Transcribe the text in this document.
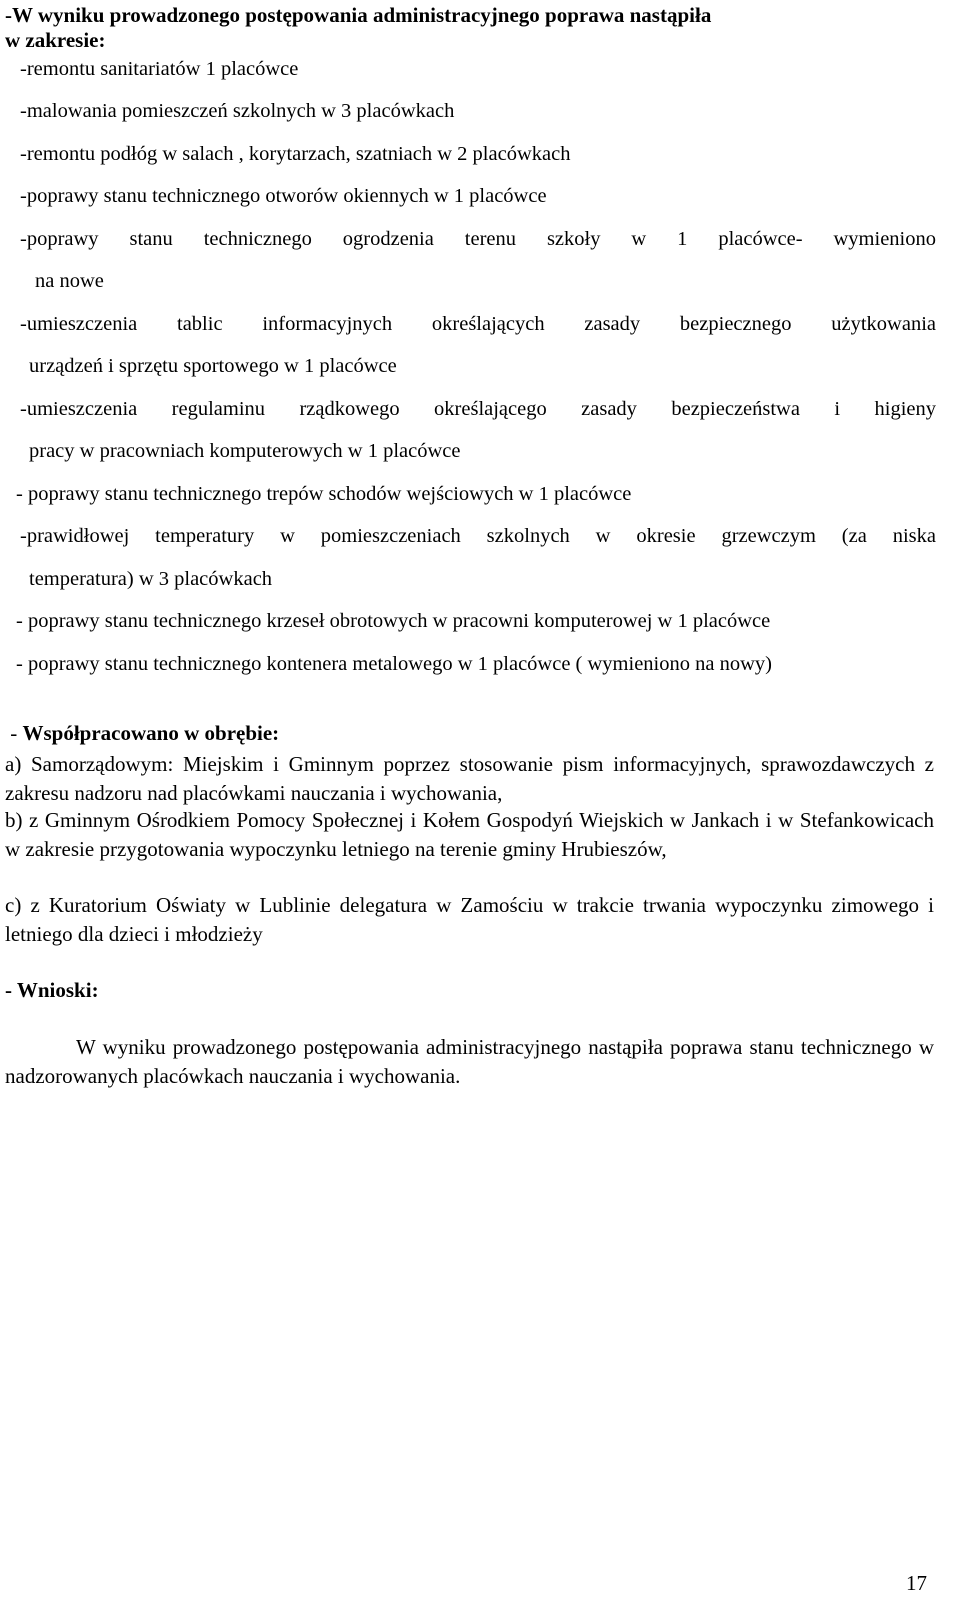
-W wyniku prowadzonego postępowania administracyjnego poprawa nastąpiła
w zakresie:
-remontu sanitariatów 1 placówce
-malowania pomieszczeń szkolnych w 3 placówkach
-remontu podłóg w salach , korytarzach, szatniach w 2 placówkach
-poprawy stanu technicznego otworów okiennych w 1 placówce
-poprawy stanu technicznego ogrodzenia terenu szkoły w 1 placówce- wymieniono
na nowe
-umieszczenia tablic informacyjnych określających zasady bezpiecznego użytkowania
urządzeń i sprzętu sportowego w 1 placówce
-umieszczenia regulaminu rządkowego określającego zasady bezpieczeństwa i higieny
pracy w pracowniach komputerowych w 1 placówce
- poprawy stanu technicznego trepów schodów wejściowych w 1 placówce
-prawidłowej temperatury w pomieszczeniach szkolnych w okresie grzewczym (za niska
temperatura) w 3 placówkach
- poprawy stanu technicznego krzeseł obrotowych w pracowni komputerowej w 1 placówce
- poprawy stanu technicznego kontenera metalowego w 1 placówce ( wymieniono na nowy)
- Współpracowano w obrębie:
a) Samorządowym: Miejskim i Gminnym poprzez stosowanie pism informacyjnych, sprawozdawczych z zakresu nadzoru nad placówkami nauczania i wychowania,
b) z Gminnym Ośrodkiem Pomocy Społecznej i Kołem Gospodyń Wiejskich w Jankach i w Stefankowicach w zakresie przygotowania wypoczynku letniego na terenie gminy Hrubieszów,
c) z Kuratorium Oświaty w Lublinie delegatura w Zamościu w trakcie trwania wypoczynku zimowego i letniego dla dzieci i młodzieży
- Wnioski:
W wyniku prowadzonego postępowania administracyjnego nastąpiła poprawa stanu technicznego w nadzorowanych placówkach nauczania i wychowania.
17
